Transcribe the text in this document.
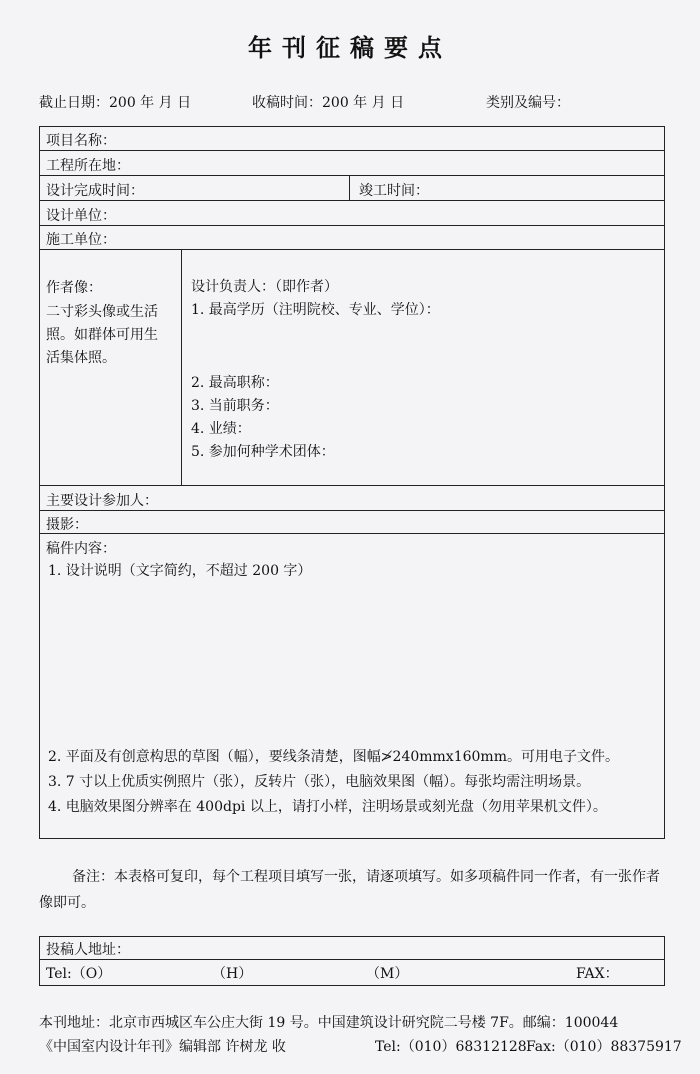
年刊征稿要点
截止日期：200 年 月 日	收稿时间：200 年 月 日	类别及编号：
项目名称：
工程所在地：
设计完成时间：	竣工时间：
设计单位：
施工单位：
作者像：
二寸彩头像或生活
照。如群体可用生
活集体照。
设计负责人：（即作者）
1. 最高学历（注明院校、专业、学位）：
2. 最高职称：
3. 当前职务：
4. 业绩：
5. 参加何种学术团体：
主要设计参加人：
摄影：
稿件内容：
1. 设计说明（文字简约，不超过 200 字）
2. 平面及有创意构思的草图（幅），要线条清楚，图幅≯240mmx160mm。可用电子文件。
3. 7 寸以上优质实例照片（张），反转片（张），电脑效果图（幅）。每张均需注明场景。
4. 电脑效果图分辨率在 400dpi 以上，请打小样，注明场景或刻光盘（勿用苹果机文件）。
备注：本表格可复印，每个工程项目填写一张，请逐项填写。如多项稿件同一作者，有一张作者像即可。
投稿人地址：
Tel:（O）	（H）	（M）	FAX：
本刊地址：北京市西城区车公庄大街 19 号。中国建筑设计研究院二号楼 7F。邮编：100044
《中国室内设计年刊》编辑部 许树龙 收	Tel:（010）68312128 Fax:（010）88375917
